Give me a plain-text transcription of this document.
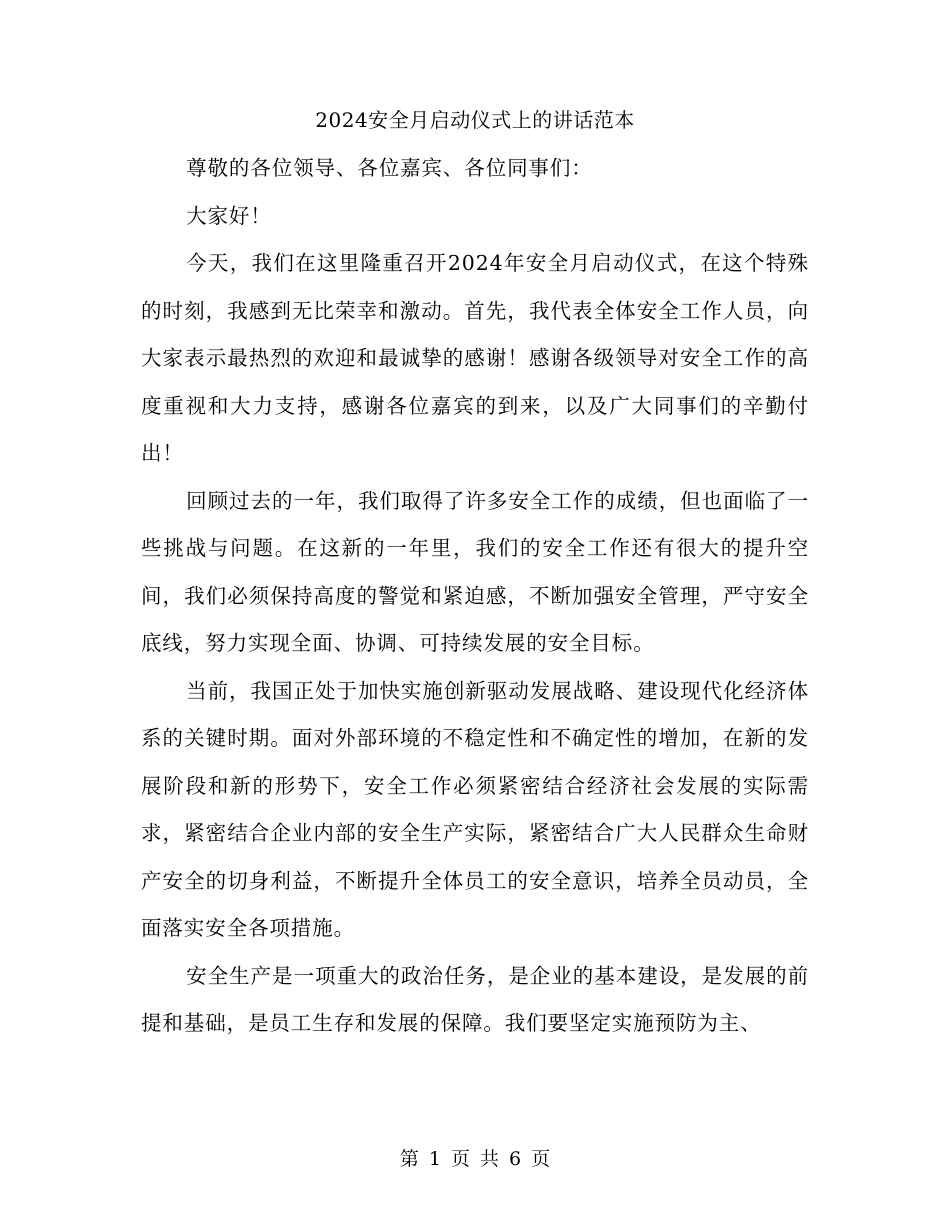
2024安全月启动仪式上的讲话范本

尊敬的各位领导、各位嘉宾、各位同事们：

大家好！

今天，我们在这里隆重召开2024年安全月启动仪式，在这个特殊的时刻，我感到无比荣幸和激动。首先，我代表全体安全工作人员，向大家表示最热烈的欢迎和最诚挚的感谢！感谢各级领导对安全工作的高度重视和大力支持，感谢各位嘉宾的到来，以及广大同事们的辛勤付出！

回顾过去的一年，我们取得了许多安全工作的成绩，但也面临了一些挑战与问题。在这新的一年里，我们的安全工作还有很大的提升空间，我们必须保持高度的警觉和紧迫感，不断加强安全管理，严守安全底线，努力实现全面、协调、可持续发展的安全目标。

当前，我国正处于加快实施创新驱动发展战略、建设现代化经济体系的关键时期。面对外部环境的不稳定性和不确定性的增加，在新的发展阶段和新的形势下，安全工作必须紧密结合经济社会发展的实际需求，紧密结合企业内部的安全生产实际，紧密结合广大人民群众生命财产安全的切身利益，不断提升全体员工的安全意识，培养全员动员，全面落实安全各项措施。

安全生产是一项重大的政治任务，是企业的基本建设，是发展的前提和基础，是员工生存和发展的保障。我们要坚定实施预防为主、

第 1 页 共 6 页
